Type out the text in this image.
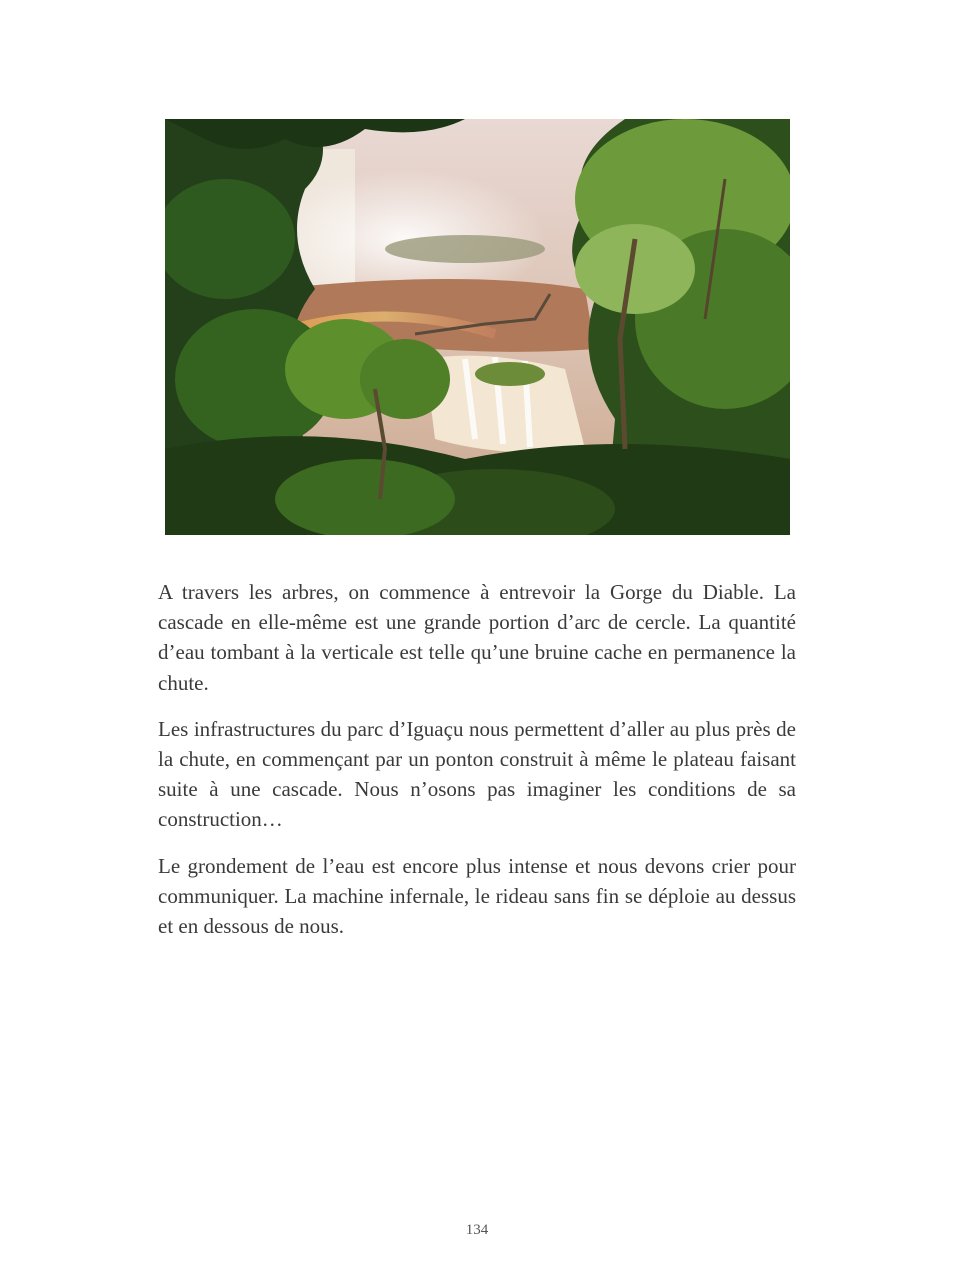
A travers les arbres, on commence à entrevoir la Gorge du Diable. La cascade en elle-même est une grande portion d’arc de cercle. La quantité d’eau tombant à la verticale est telle qu’une bruine cache en permanence la chute.

Les infrastructures du parc d’Iguaçu nous permettent d’aller au plus près de la chute, en commençant par un ponton construit à même le plateau faisant suite à une cascade. Nous n’osons pas imaginer les conditions de sa construction…

Le grondement de l’eau est encore plus intense et nous devons crier pour communiquer. La machine infernale, le rideau sans fin se déploie au dessus et en dessous de nous.

134
